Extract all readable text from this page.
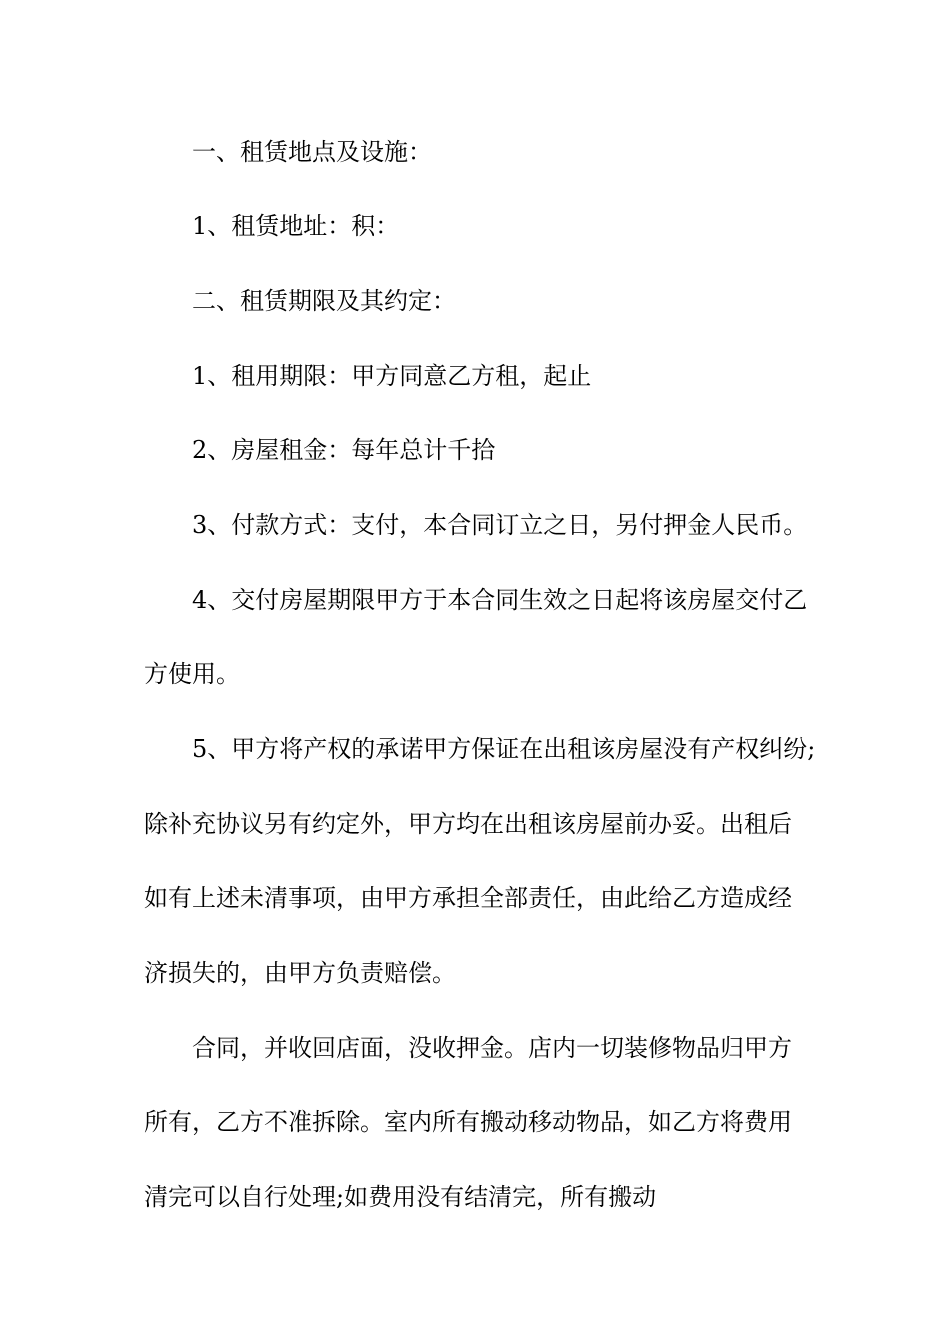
一、租赁地点及设施：
1、租赁地址：积：
二、租赁期限及其约定：
1、租用期限：甲方同意乙方租，起止
2、房屋租金：每年总计千拾
3、付款方式：支付，本合同订立之日，另付押金人民币。
4、交付房屋期限甲方于本合同生效之日起将该房屋交付乙
方使用。
5、甲方将产权的承诺甲方保证在出租该房屋没有产权纠纷;
除补充协议另有约定外，甲方均在出租该房屋前办妥。出租后
如有上述未清事项，由甲方承担全部责任，由此给乙方造成经
济损失的，由甲方负责赔偿。
合同，并收回店面，没收押金。店内一切装修物品归甲方
所有，乙方不准拆除。室内所有搬动移动物品，如乙方将费用
清完可以自行处理;如费用没有结清完，所有搬动
